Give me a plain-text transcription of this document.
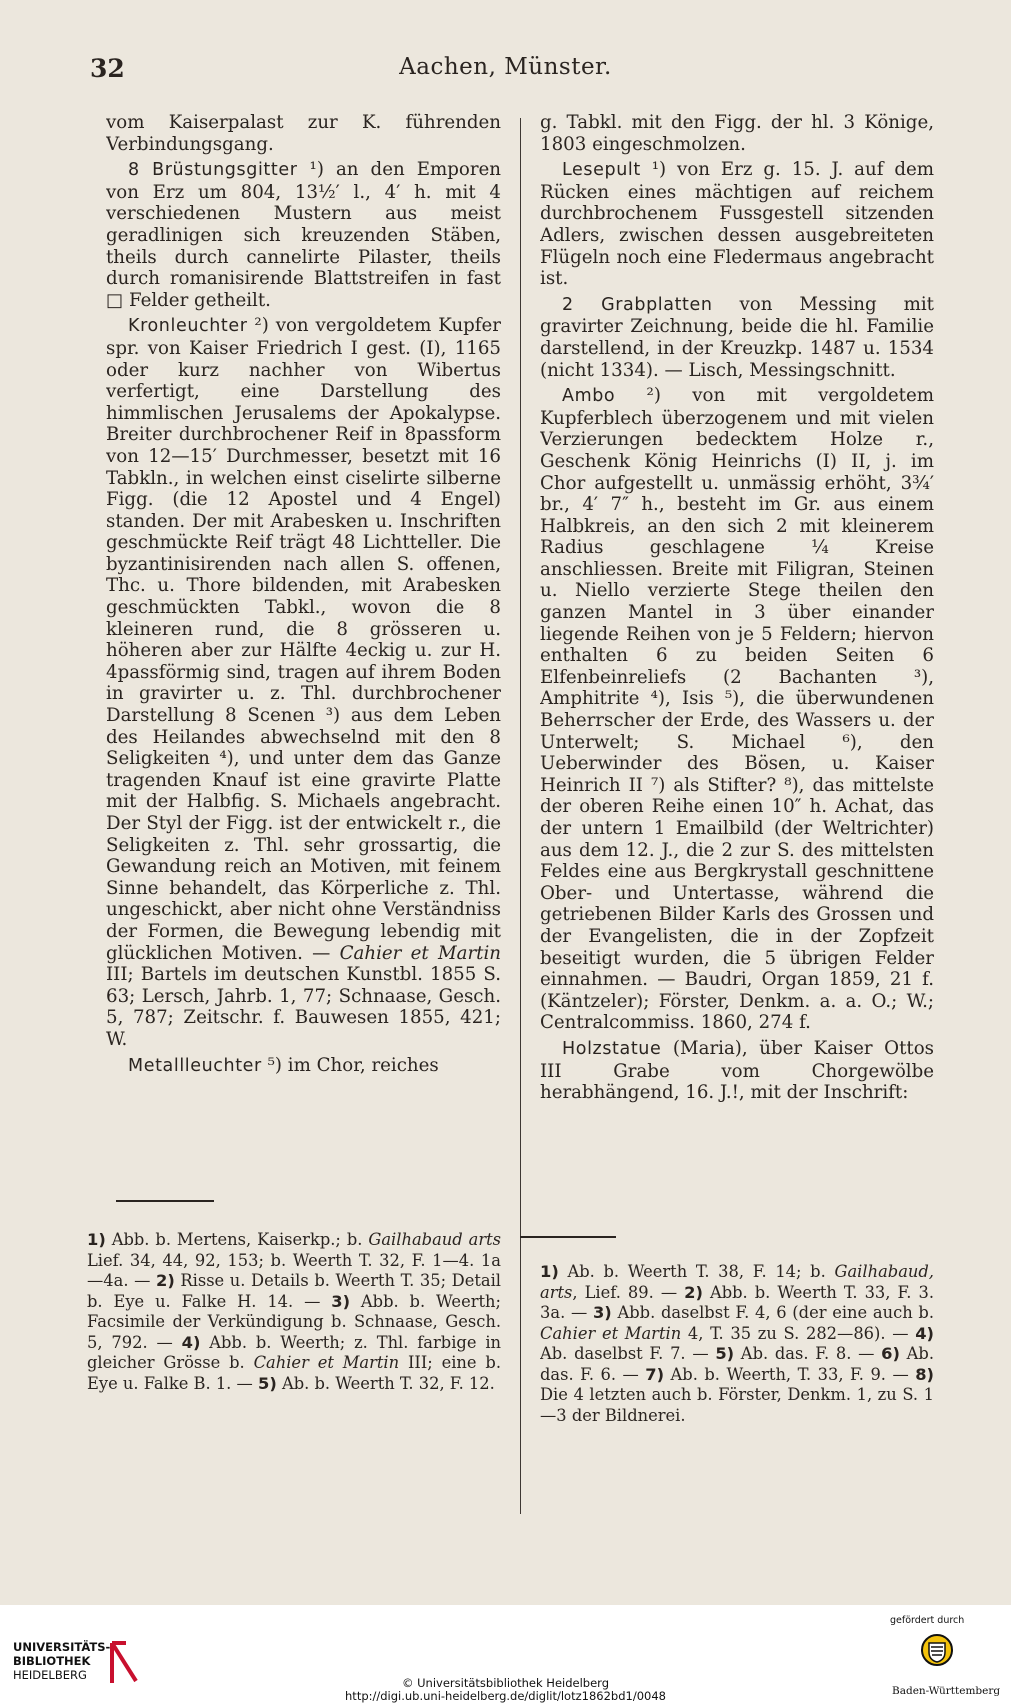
32	Aachen, Münster.

vom Kaiserpalast zur K. führenden Verbindungsgang.

8 Brüstungsgitter ¹) an den Emporen von Erz um 804, 13½′ l., 4′ h. mit 4 verschiedenen Mustern aus meist geradlinigen sich kreuzenden Stäben, theils durch cannelirte Pilaster, theils durch romanisirende Blattstreifen in fast □ Felder getheilt.

Kronleuchter ²) von vergoldetem Kupfer spr. von Kaiser Friedrich I gest. (I), 1165 oder kurz nachher von Wibertus verfertigt, eine Darstellung des himmlischen Jerusalems der Apokalypse. Breiter durchbrochener Reif in 8passform von 12—15′ Durchmesser, besetzt mit 16 Tabkln., in welchen einst ciselirte silberne Figg. (die 12 Apostel und 4 Engel) standen. Der mit Arabesken u. Inschriften geschmückte Reif trägt 48 Lichtteller. Die byzantinisirenden nach allen S. offenen, Thc. u. Thore bildenden, mit Arabesken geschmückten Tabkl., wovon die 8 kleineren rund, die 8 grösseren u. höheren aber zur Hälfte 4eckig u. zur H. 4passförmig sind, tragen auf ihrem Boden in gravirter u. z. Thl. durchbrochener Darstellung 8 Scenen ³) aus dem Leben des Heilandes abwechselnd mit den 8 Seligkeiten ⁴), und unter dem das Ganze tragenden Knauf ist eine gravirte Platte mit der Halbfig. S. Michaels angebracht. Der Styl der Figg. ist der entwickelt r., die Seligkeiten z. Thl. sehr grossartig, die Gewandung reich an Motiven, mit feinem Sinne behandelt, das Körperliche z. Thl. ungeschickt, aber nicht ohne Verständniss der Formen, die Bewegung lebendig mit glücklichen Motiven. — Cahier et Martin III; Bartels im deutschen Kunstbl. 1855 S. 63; Lersch, Jahrb. 1, 77; Schnaase, Gesch. 5, 787; Zeitschr. f. Bauwesen 1855, 421; W.

Metallleuchter ⁵) im Chor, reiches

g. Tabkl. mit den Figg. der hl. 3 Könige, 1803 eingeschmolzen.

Lesepult ¹) von Erz g. 15. J. auf dem Rücken eines mächtigen auf reichem durchbrochenem Fussgestell sitzenden Adlers, zwischen dessen ausgebreiteten Flügeln noch eine Fledermaus angebracht ist.

2 Grabplatten von Messing mit gravirter Zeichnung, beide die hl. Familie darstellend, in der Kreuzkp. 1487 u. 1534 (nicht 1334). — Lisch, Messingschnitt.

Ambo ²) von mit vergoldetem Kupferblech überzogenem und mit vielen Verzierungen bedecktem Holze r., Geschenk König Heinrichs (I) II, j. im Chor aufgestellt u. unmässig erhöht, 3¾′ br., 4′ 7″ h., besteht im Gr. aus einem Halbkreis, an den sich 2 mit kleinerem Radius geschlagene ¼ Kreise anschliessen. Breite mit Filigran, Steinen u. Niello verzierte Stege theilen den ganzen Mantel in 3 über einander liegende Reihen von je 5 Feldern; hiervon enthalten 6 zu beiden Seiten 6 Elfenbeinreliefs (2 Bachanten ³), Amphitrite ⁴), Isis ⁵), die überwundenen Beherrscher der Erde, des Wassers u. der Unterwelt; S. Michael ⁶), den Ueberwinder des Bösen, u. Kaiser Heinrich II ⁷) als Stifter? ⁸), das mittelste der oberen Reihe einen 10″ h. Achat, das der untern 1 Emailbild (der Weltrichter) aus dem 12. J., die 2 zur S. des mittelsten Feldes eine aus Bergkrystall geschnittene Ober- und Untertasse, während die getriebenen Bilder Karls des Grossen und der Evangelisten, die in der Zopfzeit beseitigt wurden, die 5 übrigen Felder einnahmen. — Baudri, Organ 1859, 21 f. (Käntzeler); Förster, Denkm. a. a. O.; W.; Centralcommiss. 1860, 274 f.

Holzstatue (Maria), über Kaiser Ottos III Grabe vom Chorgewölbe herabhängend, 16. J.!, mit der Inschrift:

1) Abb. b. Mertens, Kaiserkp.; b. Gailhabaud arts Lief. 34, 44, 92, 153; b. Weerth T. 32, F. 1—4. 1a—4a. — 2) Risse u. Details b. Weerth T. 35; Detail b. Eye u. Falke H. 14. — 3) Abb. b. Weerth; Facsimile der Verkündigung b. Schnaase, Gesch. 5, 792. — 4) Abb. b. Weerth; z. Thl. farbige in gleicher Grösse b. Cahier et Martin III; eine b. Eye u. Falke B. 1. — 5) Ab. b. Weerth T. 32, F. 12.
1) Ab. b. Weerth T. 38, F. 14; b. Gailhabaud, arts, Lief. 89. — 2) Abb. b. Weerth T. 33, F. 3. 3a. — 3) Abb. daselbst F. 4, 6 (der eine auch b. Cahier et Martin 4, T. 35 zu S. 282—86). — 4) Ab. daselbst F. 7. — 5) Ab. das. F. 8. — 6) Ab. das. F. 6. — 7) Ab. b. Weerth, T. 33, F. 9. — 8) Die 4 letzten auch b. Förster, Denkm. 1, zu S. 1—3 der Bildnerei.
UNIVERSITÄTS-
BIBLIOTHEK
HEIDELBERG
© Universitätsbibliothek Heidelberg
http://digi.ub.uni-heidelberg.de/diglit/lotz1862bd1/0048
gefördert durch
Baden-Württemberg
